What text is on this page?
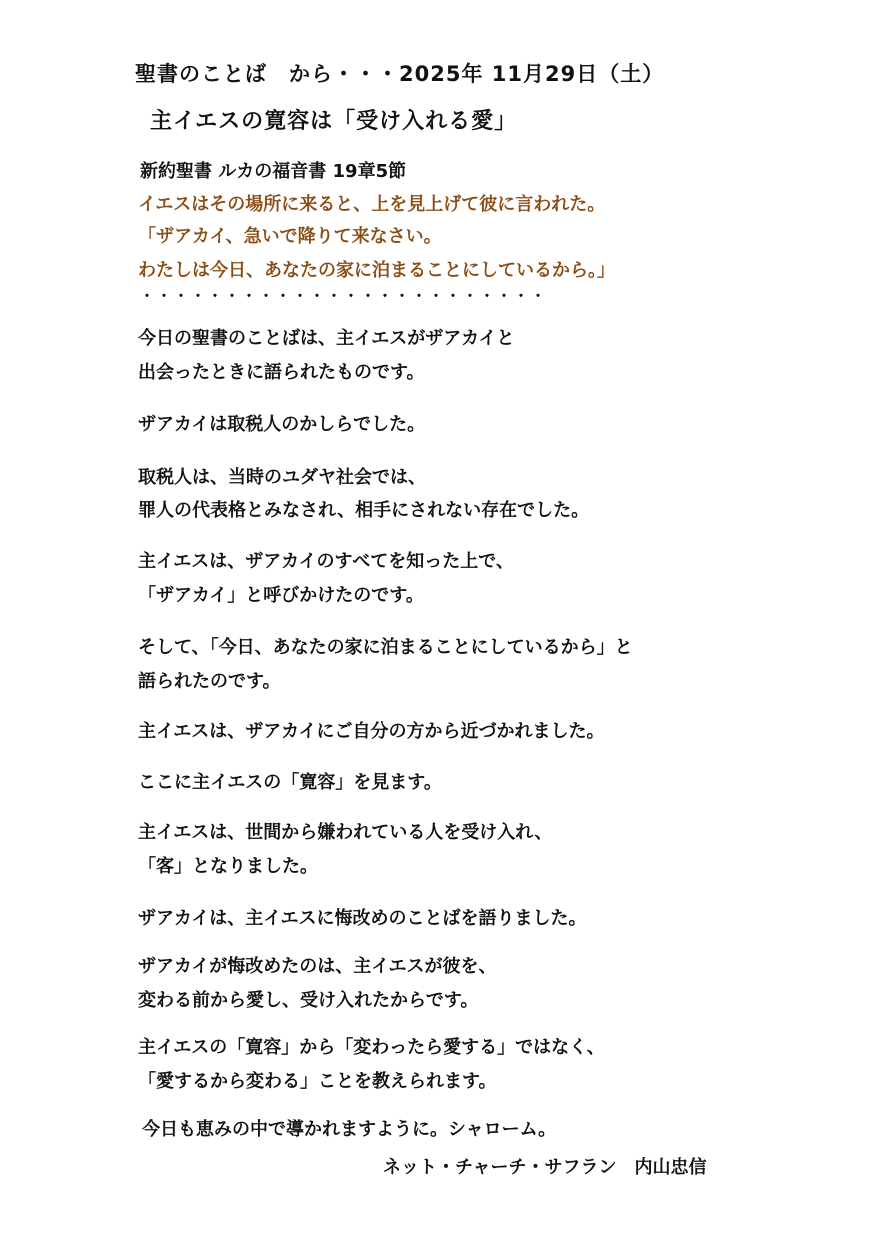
聖書のことば　から・・・2025年 11月29日（土）
主イエスの寛容は「受け入れる愛」
新約聖書 ルカの福音書 19章5節
イエスはその場所に来ると、上を見上げて彼に言われた。
「ザアカイ、急いで降りて来なさい。
わたしは今日、あなたの家に泊まることにしているから。」
・・・・・・・・・・・・・・・・・・・・・・・・
今日の聖書のことばは、主イエスがザアカイと
出会ったときに語られたものです。
ザアカイは取税人のかしらでした。
取税人は、当時のユダヤ社会では、
罪人の代表格とみなされ、相手にされない存在でした。
主イエスは、ザアカイのすべてを知った上で、
「ザアカイ」と呼びかけたのです。
そして、「今日、あなたの家に泊まることにしているから」と
語られたのです。
主イエスは、ザアカイにご自分の方から近づかれました。
ここに主イエスの「寛容」を見ます。
主イエスは、世間から嫌われている人を受け入れ、
「客」となりました。
ザアカイは、主イエスに悔改めのことばを語りました。
ザアカイが悔改めたのは、主イエスが彼を、
変わる前から愛し、受け入れたからです。
主イエスの「寛容」から「変わったら愛する」ではなく、
「愛するから変わる」ことを教えられます。
今日も恵みの中で導かれますように。シャローム。
ネット・チャーチ・サフラン　内山忠信
